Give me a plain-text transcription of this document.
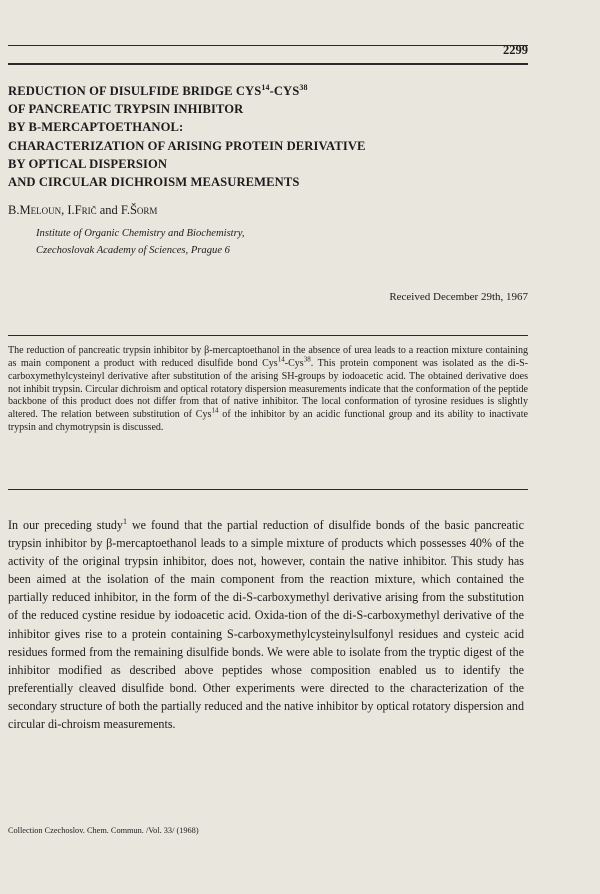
2299
REDUCTION OF DISULFIDE BRIDGE CYS$^{14}$-CYS$^{38}$
OF PANCREATIC TRYPSIN INHIBITOR
BY Β-MERCAPTOETHANOL:
CHARACTERIZATION OF ARISING PROTEIN DERIVATIVE
BY OPTICAL DISPERSION
AND CIRCULAR DICHROISM MEASUREMENTS
B.Meloun, I.Frič and F.Šorm
Institute of Organic Chemistry and Biochemistry,
Czechoslovak Academy of Sciences, Prague 6
Received December 29th, 1967
The reduction of pancreatic trypsin inhibitor by β-mercaptoethanol in the absence of urea leads to a reaction mixture containing as main component a product with reduced disulfide bond Cys$^{14}$-Cys$^{38}$. This protein component was isolated as the di-S-carboxymethylcysteinyl derivative after substitution of the arising SH-groups by iodoacetic acid. The obtained derivative does not inhibit trypsin. Circular dichroism and optical rotatory dispersion measurements indicate that the conformation of the peptide backbone of this product does not differ from that of native inhibitor. The local conformation of tyrosine residues is slightly altered. The relation between substitution of Cys$^{14}$ of the inhibitor by an acidic functional group and its ability to inactivate trypsin and chymotrypsin is discussed.
In our preceding study$^1$ we found that the partial reduction of disulfide bonds of the basic pancreatic trypsin inhibitor by β-mercaptoethanol leads to a simple mixture of products which possesses 40% of the activity of the original trypsin inhibitor, does not, however, contain the native inhibitor. This study has been aimed at the isolation of the main component from the reaction mixture, which contained the partially reduced inhibitor, in the form of the di-S-carboxymethyl derivative arising from the substitution of the reduced cystine residue by iodoacetic acid. Oxida-tion of the di-S-carboxymethyl derivative of the inhibitor gives rise to a protein containing S-carboxymethylcysteinylsulfonyl residues and cysteic acid residues formed from the remaining disulfide bonds. We were able to isolate from the tryptic digest of the inhibitor modified as described above peptides whose composition enabled us to identify the preferentially cleaved disulfide bond. Other experiments were directed to the characterization of the secondary structure of both the partially reduced and the native inhibitor by optical rotatory dispersion and circular di-chroism measurements.
Collection Czechoslov. Chem. Commun. /Vol. 33/ (1968)
